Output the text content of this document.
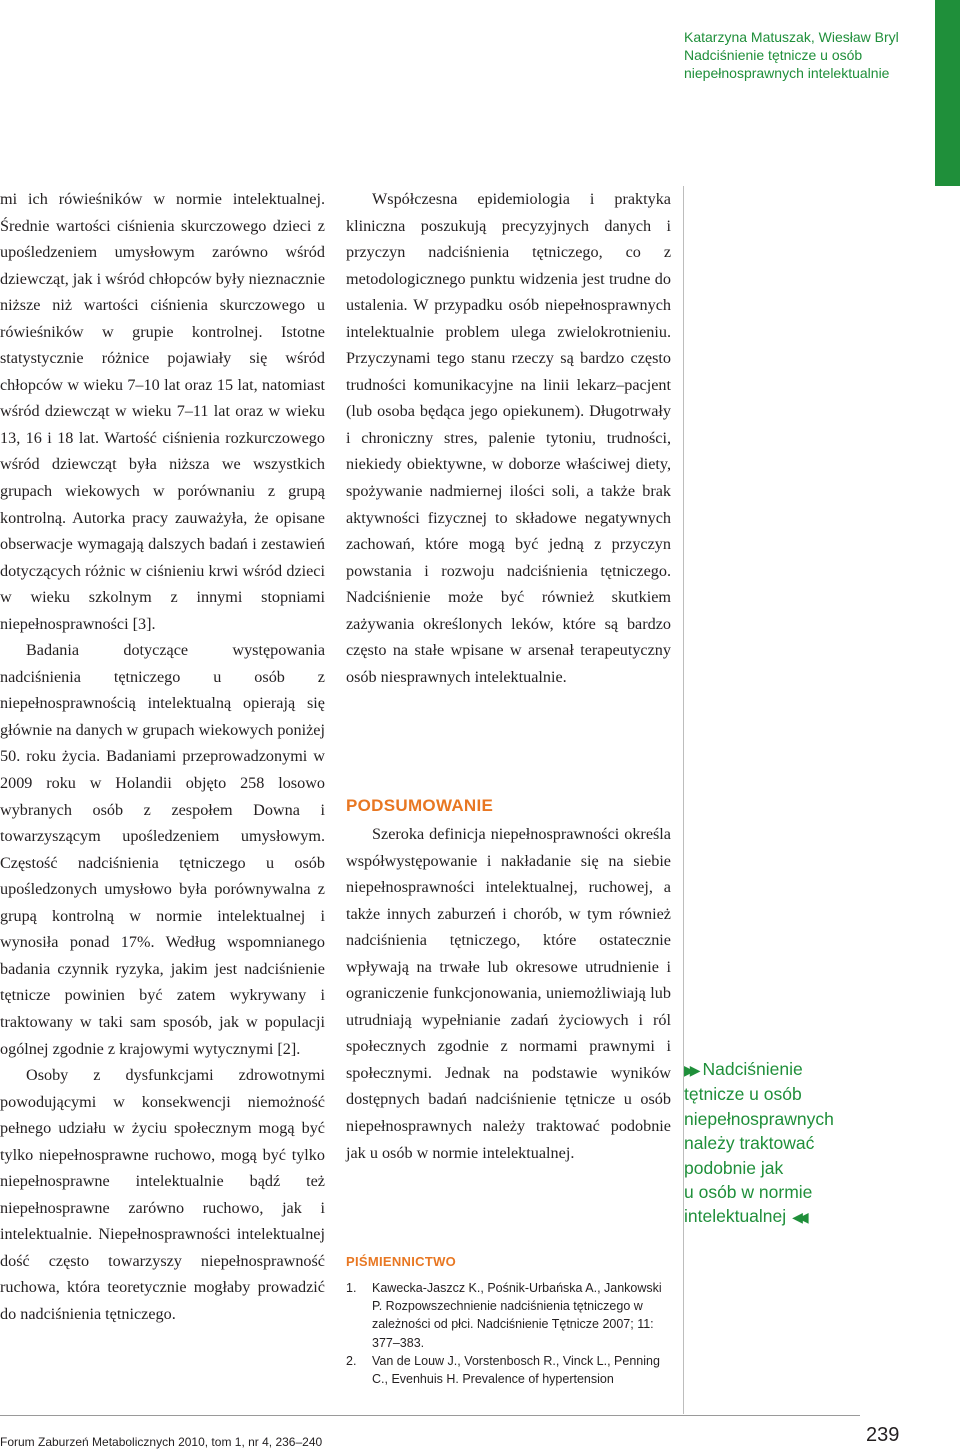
Katarzyna Matuszak, Wiesław Bryl
Nadciśnienie tętnicze u osób
niepełnosprawnych intelektualnie

mi ich rówieśników w normie intelektualnej. Średnie wartości ciśnienia skurczowego dzieci z upośledzeniem umysłowym zarówno wśród dziewcząt, jak i wśród chłopców były nieznacznie niższe niż wartości ciśnienia skurczowego u rówieśników w grupie kontrolnej. Istotne statystycznie różnice pojawiały się wśród chłopców w wieku 7–10 lat oraz 15 lat, natomiast wśród dziewcząt w wieku 7–11 lat oraz w wieku 13, 16 i 18 lat. Wartość ciśnienia rozkurczowego wśród dziewcząt była niższa we wszystkich grupach wiekowych w porównaniu z grupą kontrolną. Autorka pracy zauważyła, że opisane obserwacje wymagają dalszych badań i zestawień dotyczących różnic w ciśnieniu krwi wśród dzieci w wieku szkolnym z innymi stopniami niepełnosprawności [3].

Badania dotyczące występowania nadciśnienia tętniczego u osób z niepełnosprawnością intelektualną opierają się głównie na danych w grupach wiekowych poniżej 50. roku życia. Badaniami przeprowadzonymi w 2009 roku w Holandii objęto 258 losowo wybranych osób z zespołem Downa i towarzyszącym upośledzeniem umysłowym. Częstość nadciśnienia tętniczego u osób upośledzonych umysłowo była porównywalna z grupą kontrolną w normie intelektualnej i wynosiła ponad 17%. Według wspomnianego badania czynnik ryzyka, jakim jest nadciśnienie tętnicze powinien być zatem wykrywany i traktowany w taki sam sposób, jak w populacji ogólnej zgodnie z krajowymi wytycznymi [2].

Osoby z dysfunkcjami zdrowotnymi powodującymi w konsekwencji niemożność pełnego udziału w życiu społecznym mogą być tylko niepełnosprawne ruchowo, mogą być tylko niepełnosprawne intelektualnie bądź też niepełnosprawne zarówno ruchowo, jak i intelektualnie. Niepełnosprawności intelektualnej dość często towarzyszy niepełnosprawność ruchowa, która teoretycznie mogłaby prowadzić do nadciśnienia tętniczego.

Współczesna epidemiologia i praktyka kliniczna poszukują precyzyjnych danych i przyczyn nadciśnienia tętniczego, co z metodologicznego punktu widzenia jest trudne do ustalenia. W przypadku osób niepełnosprawnych intelektualnie problem ulega zwielokrotnieniu. Przyczynami tego stanu rzeczy są bardzo często trudności komunikacyjne na linii lekarz–pacjent (lub osoba będąca jego opiekunem). Długotrwały i chroniczny stres, palenie tytoniu, trudności, niekiedy obiektywne, w doborze właściwej diety, spożywanie nadmiernej ilości soli, a także brak aktywności fizycznej to składowe negatywnych zachowań, które mogą być jedną z przyczyn powstania i rozwoju nadciśnienia tętniczego. Nadciśnienie może być również skutkiem zażywania określonych leków, które są bardzo często na stałe wpisane w arsenał terapeutyczny osób niesprawnych intelektualnie.

PODSUMOWANIE

Szeroka definicja niepełnosprawności określa współwystępowanie i nakładanie się na siebie niepełnosprawności intelektualnej, ruchowej, a także innych zaburzeń i chorób, w tym również nadciśnienia tętniczego, które ostatecznie wpływają na trwałe lub okresowe utrudnienie i ograniczenie funkcjonowania, uniemożliwiają lub utrudniają wypełnianie zadań życiowych i ról społecznych zgodnie z normami prawnymi i społecznymi. Jednak na podstawie wyników dostępnych badań nadciśnienie tętnicze u osób niepełnosprawnych należy traktować podobnie jak u osób w normie intelektualnej.

PIŚMIENNICTWO
1. Kawecka-Jaszcz K., Pośnik-Urbańska A., Jankowski P. Rozpowszechnienie nadciśnienia tętniczego w zależności od płci. Nadciśnienie Tętnicze 2007; 11: 377–383.
2. Van de Louw J., Vorstenbosch R., Vinck L., Penning C., Evenhuis H. Prevalence of hypertension
▶▶ Nadciśnienie
tętnicze u osób
niepełnosprawnych
należy traktować
podobnie jak
u osób w normie
intelektualnej ◀◀
Forum Zaburzeń Metabolicznych 2010, tom 1, nr 4, 236–240	239
